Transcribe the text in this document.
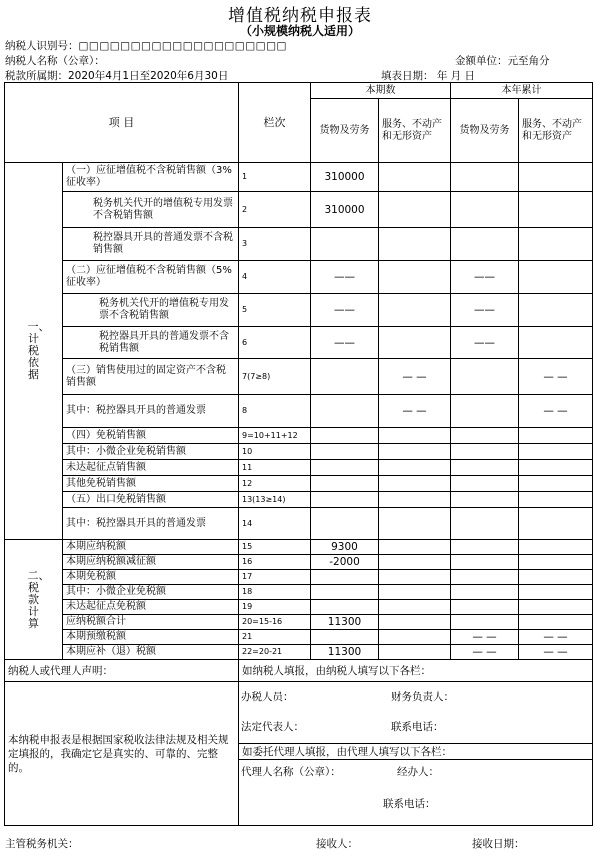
增值税纳税申报表
（小规模纳税人适用）
纳税人识别号：□□□□□□□□□□□□□□□□□□□□
纳税人名称（公章）：	金额单位：元至角分
税款所属期：2020年4月1日至2020年6月30日	填表日期： 年 月 日
项 目		栏次	本期数		本年累计	
			货物及劳务	服务、不动产和无形资产	货物及劳务	服务、不动产和无形资产
一、计税依据	（一）应征增值税不含税销售额（3%征收率）	1	310000			
	税务机关代开的增值税专用发票不含税销售额	2	310000			
	税控器具开具的普通发票不含税销售额	3				
	（二）应征增值税不含税销售额（5%征收率）	4	——		——	
	税务机关代开的增值税专用发票不含税销售额	5	——		——	
	税控器具开具的普通发票不含税销售额	6	——		——	
	（三）销售使用过的固定资产不含税销售额	7(7≥8)		— —		— —
	其中：税控器具开具的普通发票	8		— —		— —
	（四）免税销售额	9=10+11+12				
	其中：小微企业免税销售额	10				
	未达起征点销售额	11				
	其他免税销售额	12				
	（五）出口免税销售额	13(13≥14)				
	其中：税控器具开具的普通发票	14				
二、税款计算	本期应纳税额	15	9300			
	本期应纳税额减征额	16	-2000			
	本期免税额	17				
	其中：小微企业免税额	18				
	未达起征点免税额	19				
	应纳税额合计	20=15-16	11300			
	本期预缴税额	21			— —	— —
	本期应补（退）税额	22=20-21	11300		— —	— —
纳税人或代理人声明：		如纳税人填报，由纳税人填写以下各栏：				
本纳税申报表是根据国家税收法律法规及相关规定填报的，我确定它是真实的、可靠的、完整的。		办税人员： 财务负责人：
法定代表人： 联系电话：				

		如委托代理人填报，由代理人填写以下各栏：				

		代理人名称（公章）： 经办人：
联系电话：				
主管税务机关：	接收人：	接收日期：
